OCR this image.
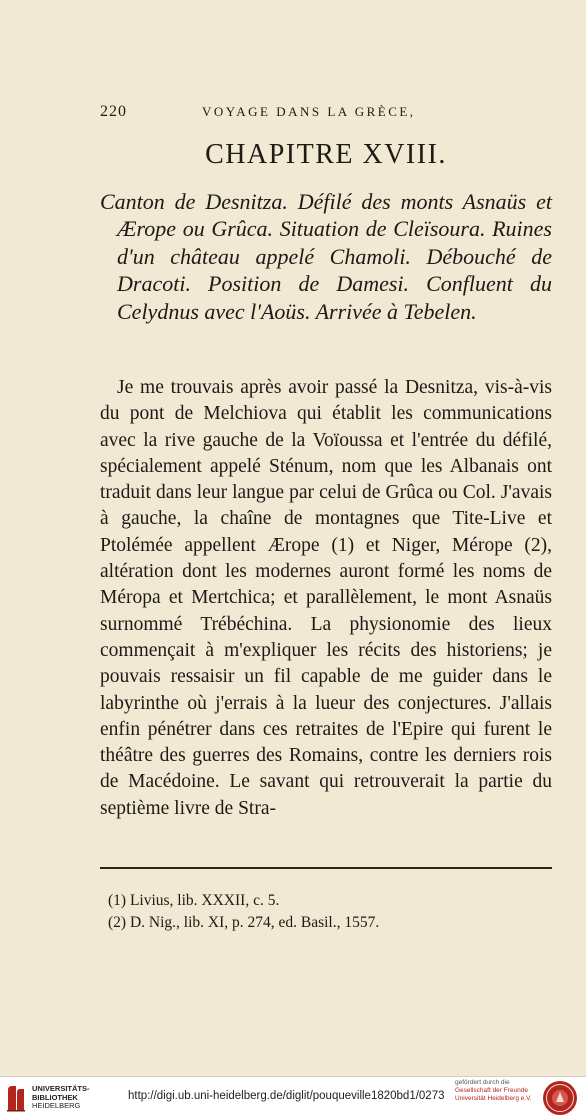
220	VOYAGE DANS LA GRÈCE,
CHAPITRE XVIII.
Canton de Desnitza. Défilé des monts Asnaüs et Ærope ou Grûca. Situation de Cleïsoura. Ruines d'un château appelé Chamoli. Débouché de Dracoti. Position de Damesi. Confluent du Celydnus avec l'Aoüs. Arrivée à Tebelen.

Je me trouvais après avoir passé la Desnitza, vis-à-vis du pont de Melchiova qui établit les communications avec la rive gauche de la Voïoussa et l'entrée du défilé, spécialement appelé Sténum, nom que les Albanais ont traduit dans leur langue par celui de Grûca ou Col. J'avais à gauche, la chaîne de montagnes que Tite-Live et Ptolémée appellent Ærope (1) et Niger, Mérope (2), altération dont les modernes auront formé les noms de Méropa et Mertchica; et parallèlement, le mont Asnaüs surnommé Trébéchina. La physionomie des lieux commençait à m'expliquer les récits des historiens; je pouvais ressaisir un fil capable de me guider dans le labyrinthe où j'errais à la lueur des conjectures. J'allais enfin pénétrer dans ces retraites de l'Epire qui furent le théâtre des guerres des Romains, contre les derniers rois de Macédoine. Le savant qui retrouverait la partie du septième livre de Stra-

(1) Livius, lib. XXXII, c. 5.
(2) D. Nig., lib. XI, p. 274, ed. Basil., 1557.
UNIVERSITÄTS-
BIBLIOTHEK
HEIDELBERG
http://digi.ub.uni-heidelberg.de/diglit/pouqueville1820bd1/0273
gefördert durch die
Gesellschaft der Freunde
Universität Heidelberg e.V.
